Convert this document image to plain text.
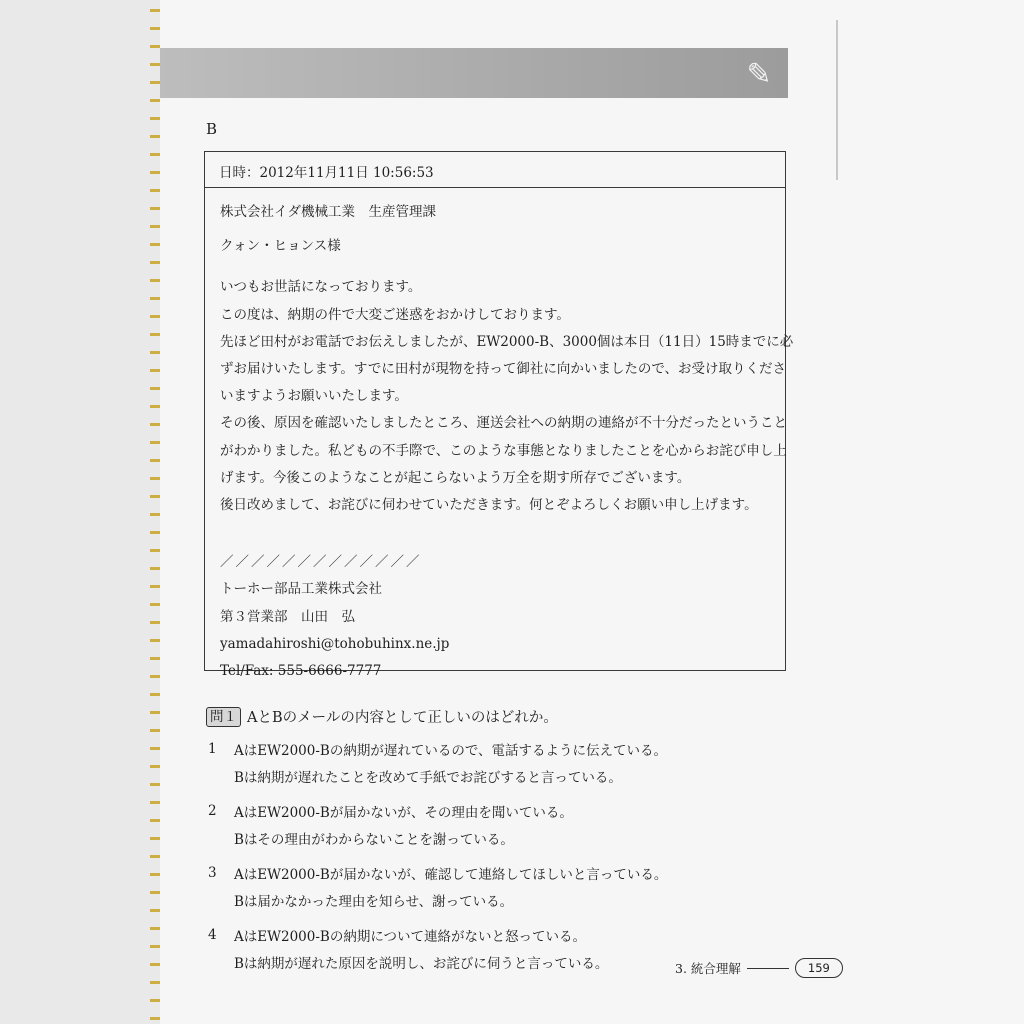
✎
B
日時：2012年11月11日 10:56:53

株式会社イダ機械工業　生産管理課

クォン・ヒョンス様

いつもお世話になっております。

この度は、納期の件で大変ご迷惑をおかけしております。

先ほど田村がお電話でお伝えしましたが、EW2000-B、3000個は本日（11日）15時までに必

ずお届けいたします。すでに田村が現物を持って御社に向かいましたので、お受け取りくださ

いますようお願いいたします。

その後、原因を確認いたしましたところ、運送会社への納期の連絡が不十分だったということ

がわかりました。私どもの不手際で、このような事態となりましたことを心からお詫び申し上

げます。今後このようなことが起こらないよう万全を期す所存でございます。

後日改めまして、お詫びに伺わせていただきます。何とぞよろしくお願い申し上げます。

／／／／／／／／／／／／／

トーホー部品工業株式会社

第３営業部　山田　弘

yamadahiroshi@tohobuhinx.ne.jp

Tel/Fax: 555-6666-7777

問１ AとBのメールの内容として正しいのはどれか。
1	AはEW2000-Bの納期が遅れているので、電話するように伝えている。
Bは納期が遅れたことを改めて手紙でお詫びすると言っている。
2	AはEW2000-Bが届かないが、その理由を聞いている。
Bはその理由がわからないことを謝っている。
3	AはEW2000-Bが届かないが、確認して連絡してほしいと言っている。
Bは届かなかった理由を知らせ、謝っている。
4	AはEW2000-Bの納期について連絡がないと怒っている。
Bは納期が遅れた原因を説明し、お詫びに伺うと言っている。	3. 統合理解	159
